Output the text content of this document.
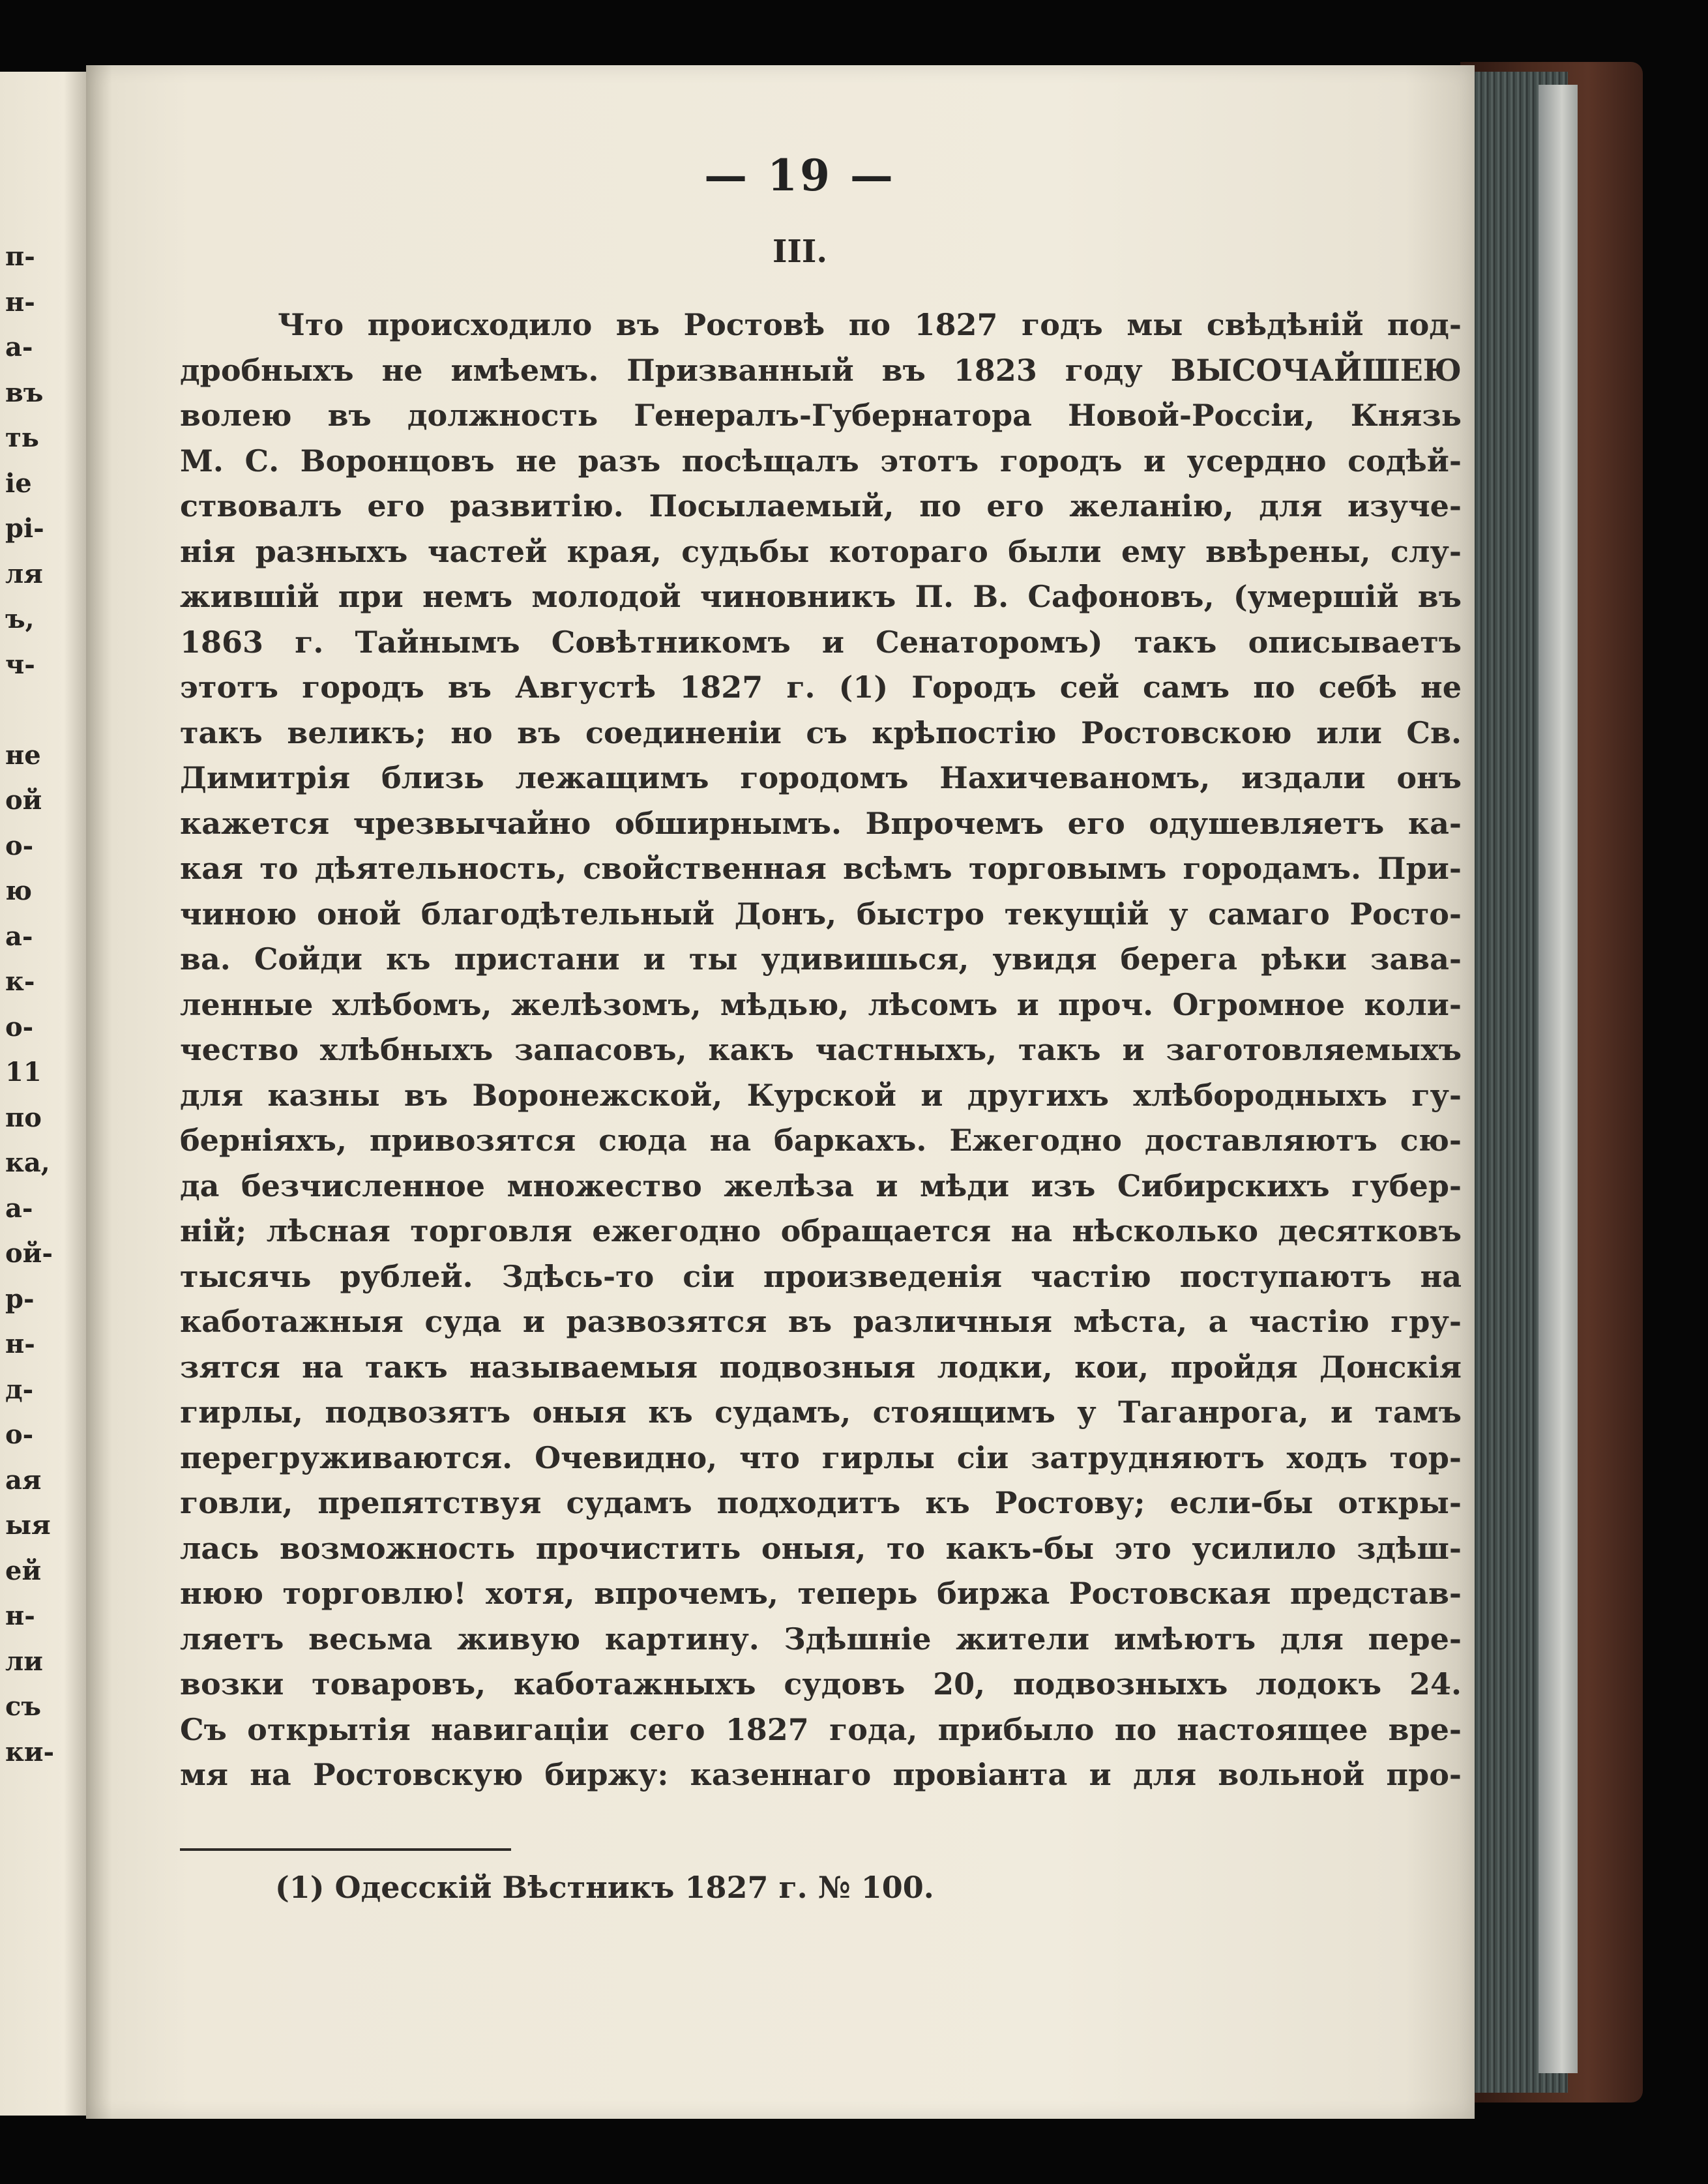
п-
н-
а-
въ
ть
ie
pi-
ля
ъ,
ч-
не
ой
о-
ю
а-
к-
о-
11
по
ка,
а-
ой-
р-
н-
д-
о-
ая
ыя
ей
н-
ли
съ
ки-
— 19 —
III.
Что происходило въ Ростовѣ по 1827 годъ мы свѣдѣній под-
дробныхъ не имѣемъ. Призванный въ 1823 году ВЫСОЧАЙШЕЮ
волею въ должность Генералъ-Губернатора Новой-Россіи, Князь
М. С. Воронцовъ не разъ посѣщалъ этотъ городъ и усердно содѣй-
ствовалъ его развитію. Посылаемый, по его желанію, для изуче-
нія разныхъ частей края, судьбы котораго были ему ввѣрены, слу-
жившій при немъ молодой чиновникъ П. В. Сафоновъ, (умершій въ
1863 г. Тайнымъ Совѣтникомъ и Сенаторомъ) такъ описываетъ
этотъ городъ въ Августѣ 1827 г. (1) Городъ сей самъ по себѣ не
такъ великъ; но въ соединеніи съ крѣпостію Ростовскою или Св.
Димитрія близь лежащимъ городомъ Нахичеваномъ, издали онъ
кажется чрезвычайно обширнымъ. Впрочемъ его одушевляетъ ка-
кая то дѣятельность, свойственная всѣмъ торговымъ городамъ. При-
чиною оной благодѣтельный Донъ, быстро текущій у самаго Росто-
ва. Сойди къ пристани и ты удивишься, увидя берега рѣки зава-
ленные хлѣбомъ, желѣзомъ, мѣдью, лѣсомъ и проч. Огромное коли-
чество хлѣбныхъ запасовъ, какъ частныхъ, такъ и заготовляемыхъ
для казны въ Воронежской, Курской и другихъ хлѣбородныхъ гу-
берніяхъ, привозятся сюда на баркахъ. Ежегодно доставляютъ сю-
да безчисленное множество желѣза и мѣди изъ Сибирскихъ губер-
ній; лѣсная торговля ежегодно обращается на нѣсколько десятковъ
тысячь рублей. Здѣсь-то сіи произведенія частію поступаютъ на
каботажныя суда и развозятся въ различныя мѣста, а частію гру-
зятся на такъ называемыя подвозныя лодки, кои, пройдя Донскія
гирлы, подвозятъ оныя къ судамъ, стоящимъ у Таганрога, и тамъ
перегруживаются. Очевидно, что гирлы сіи затрудняютъ ходъ тор-
говли, препятствуя судамъ подходитъ къ Ростову; если-бы откры-
лась возможность прочистить оныя, то какъ-бы это усилило здѣш-
нюю торговлю! хотя, впрочемъ, теперь биржа Ростовская представ-
ляетъ весьма живую картину. Здѣшніе жители имѣютъ для пере-
возки товаровъ, каботажныхъ судовъ 20, подвозныхъ лодокъ 24.
Съ открытія навигаціи сего 1827 года, прибыло по настоящее вре-
мя на Ростовскую биржу: казеннаго провіанта и для вольной про-
(1) Одесскій Вѣстникъ 1827 г. № 100.
